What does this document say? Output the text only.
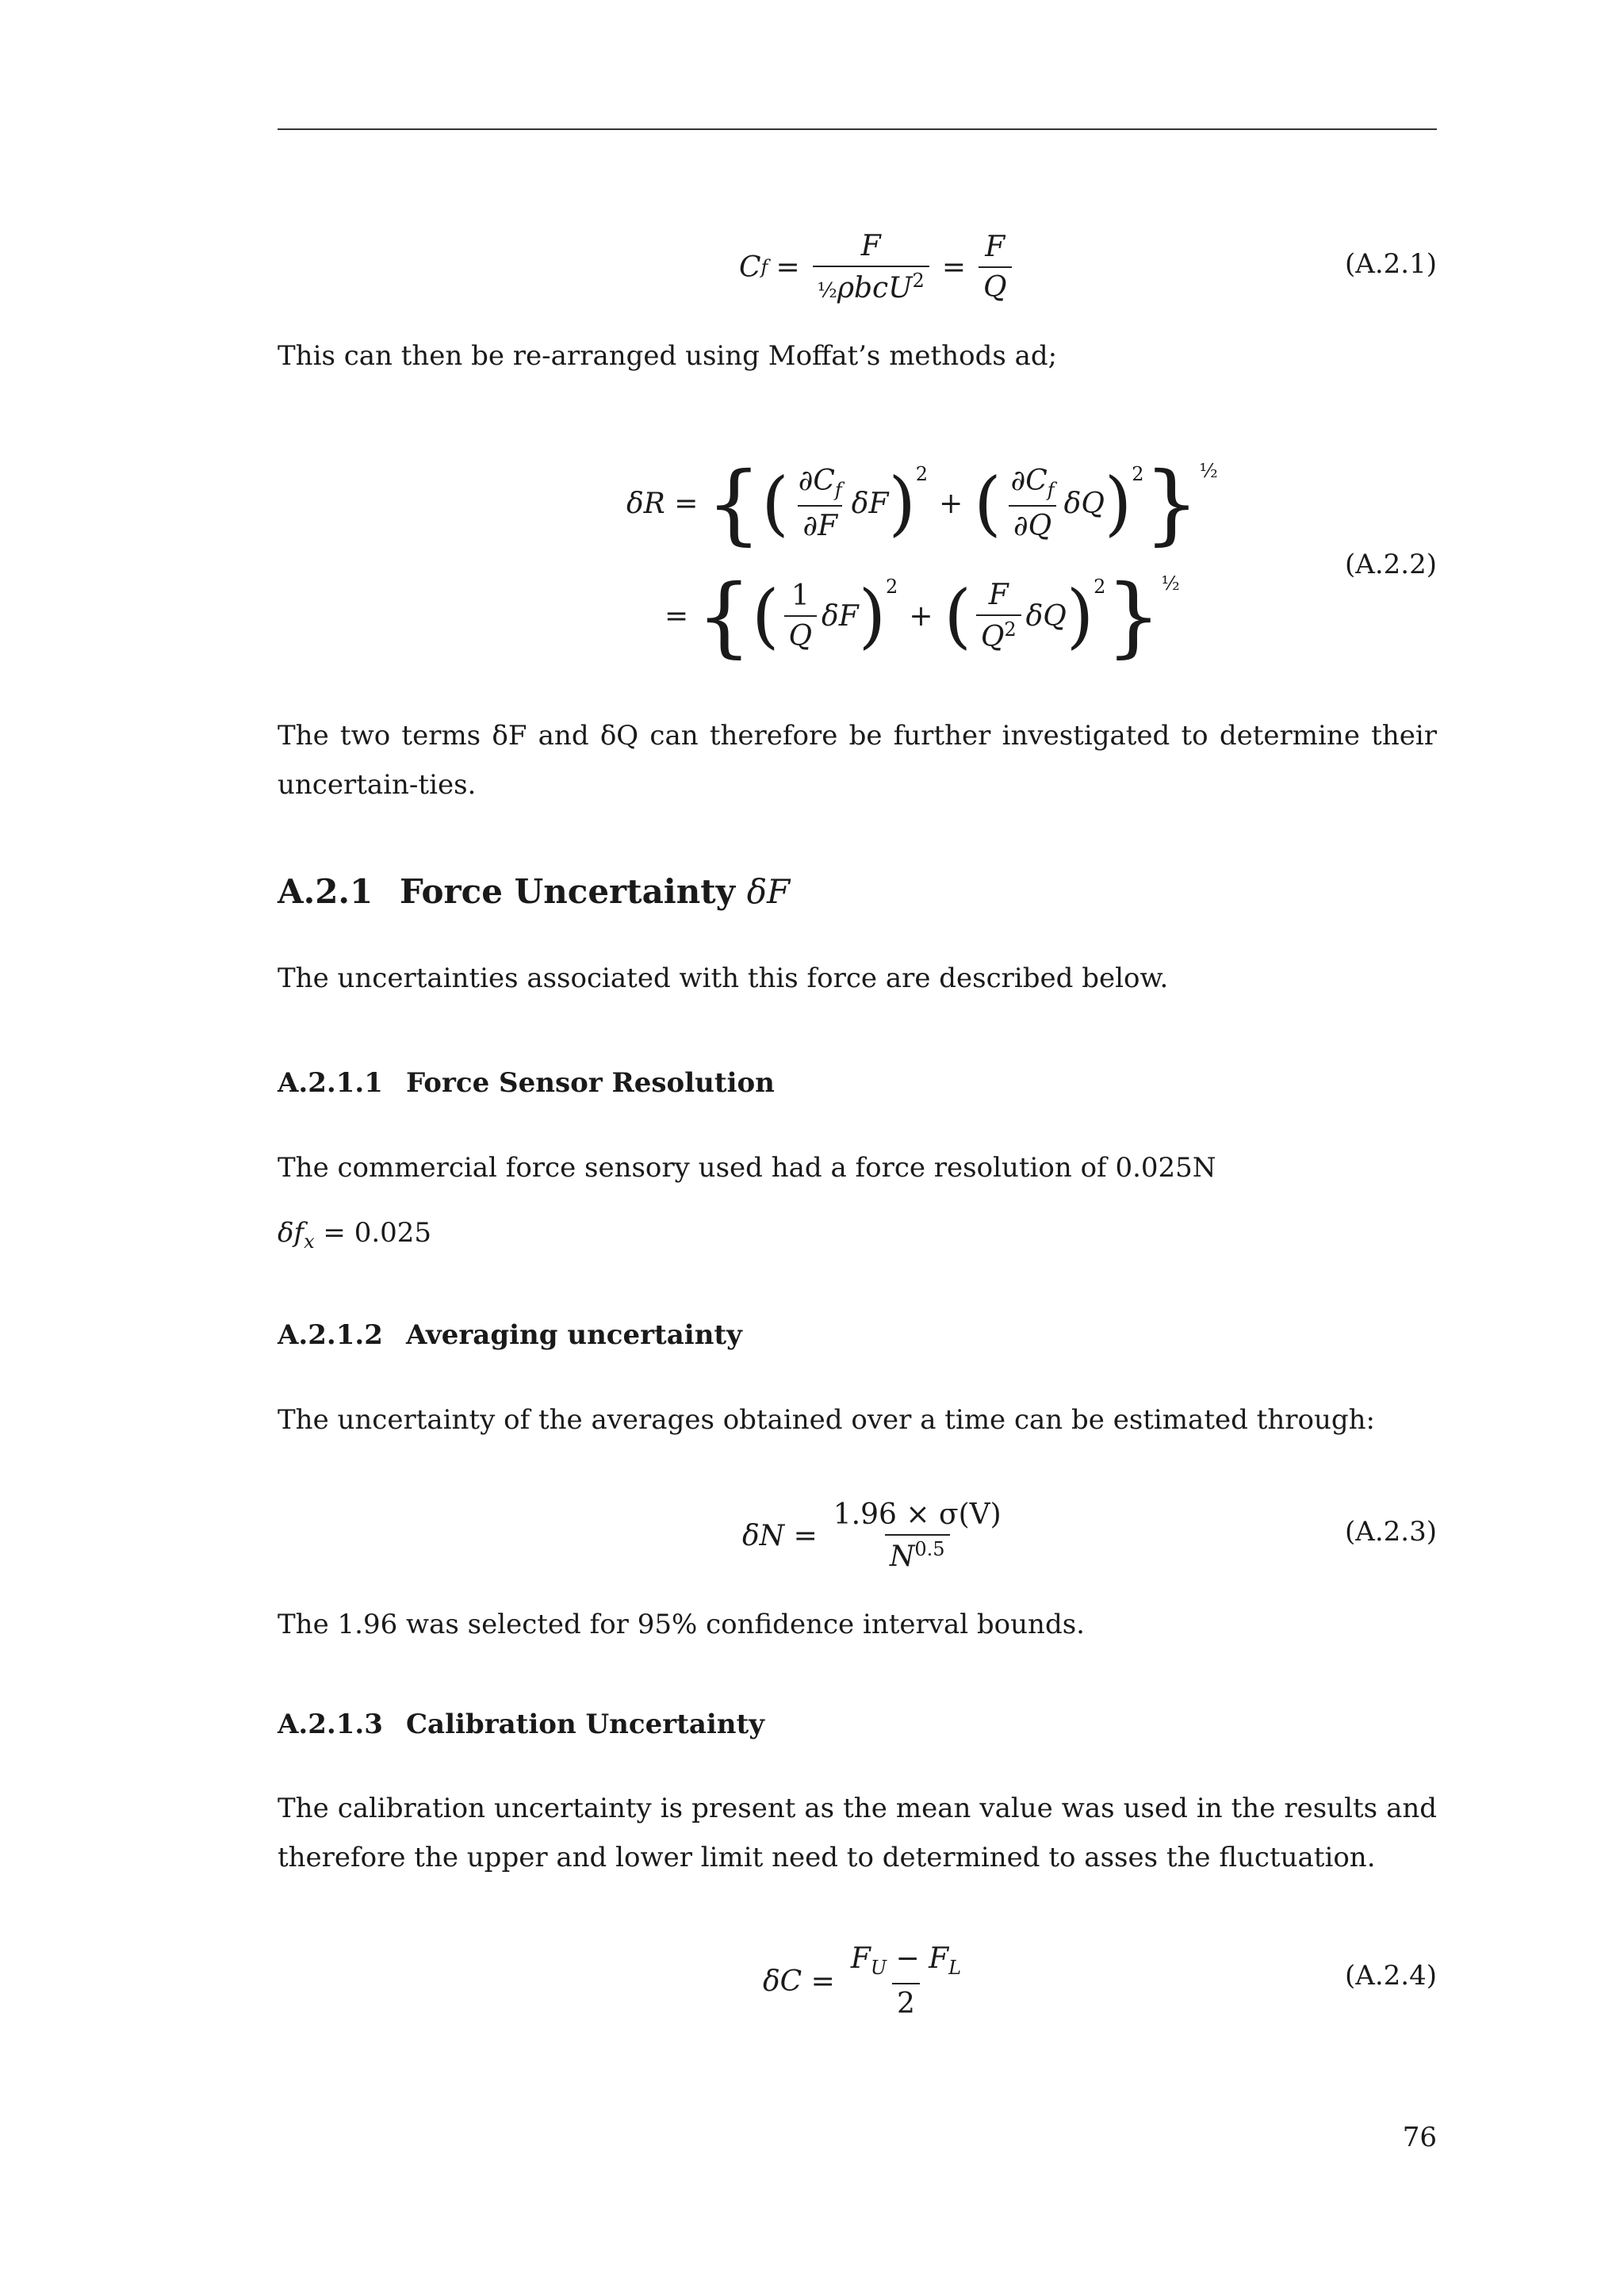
C $f = \frac{F}{\frac{1}{2}\rho bcU^2} = \frac{F}{Q}$	(A.2.1)
This can then be re-arranged using Moffat’s methods ad;
δR = { ( $\frac{\partial C_f}{\partial F}$ δF )$^2$
+ ( $\frac{\partial C_f}{\partial Q}$ δQ )$^2$ }$^{\frac{1}{2}}$
= { ( $\frac{1}{Q}$ δF )$^2$
+ ( $\frac{F}{Q^2}$ δQ )$^2$ }$^{\frac{1}{2}}$
(A.2.2)
The two terms δF and δQ can therefore be further investigated to determine their uncertain-ties.
A.2.1 Force Uncertainty δF
The uncertainties associated with this force are described below.
A.2.1.1 Force Sensor Resolution
The commercial force sensory used had a force resolution of 0.025N
$\delta f_x = 0.025$
A.2.1.2 Averaging uncertainty
The uncertainty of the averages obtained over a time can be estimated through:
$\delta N = \frac{1.96 \times \sigma(V)}{N^{0.5}}$	(A.2.3)
The 1.96 was selected for 95% confidence interval bounds.
A.2.1.3 Calibration Uncertainty
The calibration uncertainty is present as the mean value was used in the results and therefore the upper and lower limit need to determined to asses the fluctuation.
$\delta C = \frac{F_U - F_L}{2}$	(A.2.4)
76
